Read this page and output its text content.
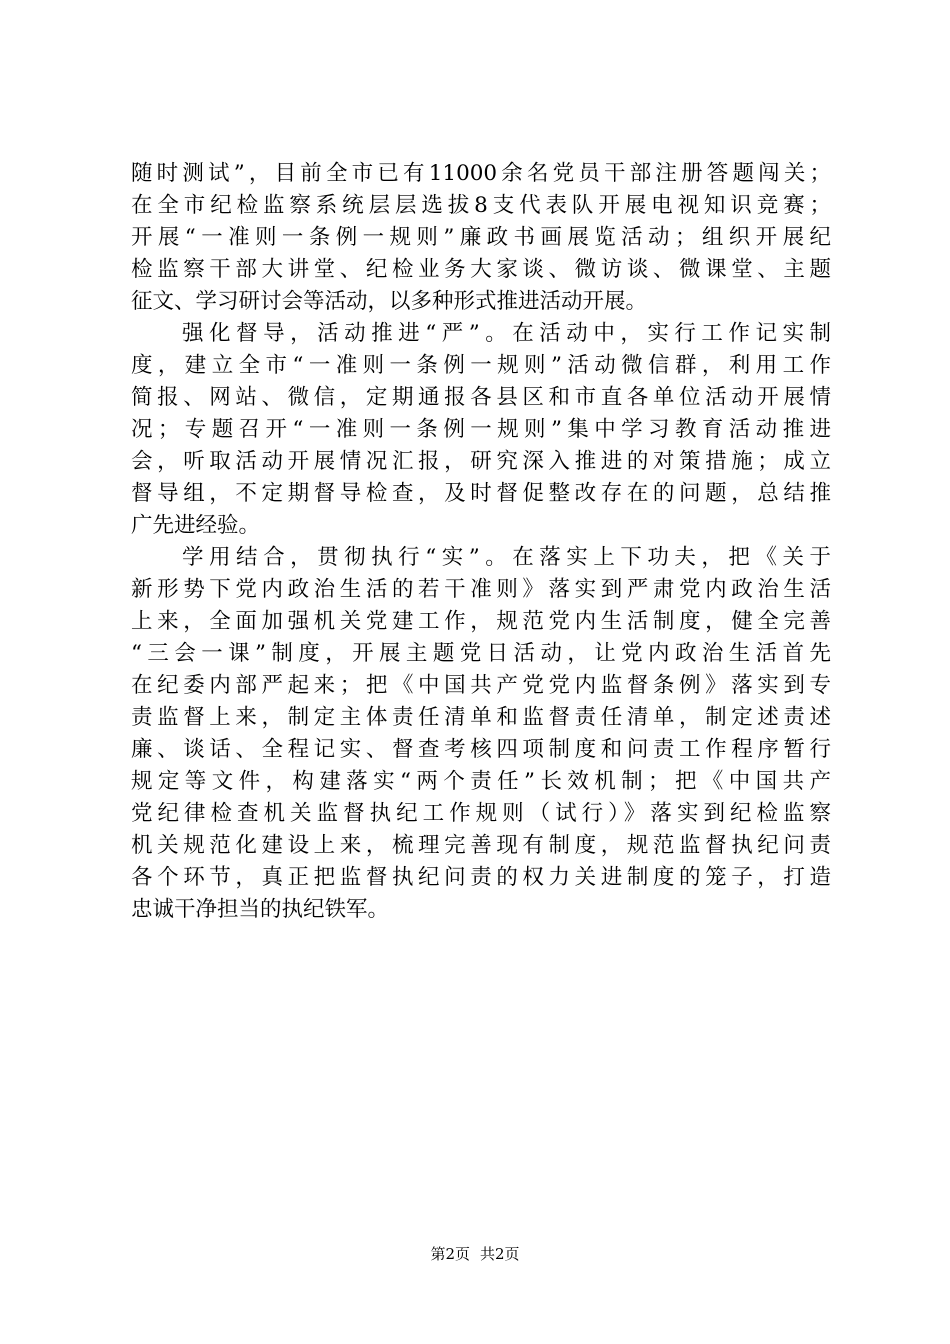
随时测试”，目前全市已有11000余名党员干部注册答题闯关；
在全市纪检监察系统层层选拔8支代表队开展电视知识竞赛；
开展“一准则一条例一规则”廉政书画展览活动；组织开展纪
检监察干部大讲堂、纪检业务大家谈、微访谈、微课堂、主题
征文、学习研讨会等活动，以多种形式推进活动开展。
强化督导，活动推进“严”。在活动中，实行工作记实制
度，建立全市“一准则一条例一规则”活动微信群，利用工作
简报、网站、微信，定期通报各县区和市直各单位活动开展情
况；专题召开“一准则一条例一规则”集中学习教育活动推进
会，听取活动开展情况汇报，研究深入推进的对策措施；成立
督导组，不定期督导检查，及时督促整改存在的问题，总结推
广先进经验。
学用结合，贯彻执行“实”。在落实上下功夫，把《关于
新形势下党内政治生活的若干准则》落实到严肃党内政治生活
上来，全面加强机关党建工作，规范党内生活制度，健全完善
“三会一课”制度，开展主题党日活动，让党内政治生活首先
在纪委内部严起来；把《中国共产党党内监督条例》落实到专
责监督上来，制定主体责任清单和监督责任清单，制定述责述
廉、谈话、全程记实、督查考核四项制度和问责工作程序暂行
规定等文件，构建落实“两个责任”长效机制；把《中国共产
党纪律检查机关监督执纪工作规则（试行）》落实到纪检监察
机关规范化建设上来，梳理完善现有制度，规范监督执纪问责
各个环节，真正把监督执纪问责的权力关进制度的笼子，打造
忠诚干净担当的执纪铁军。
第2页 共2页
